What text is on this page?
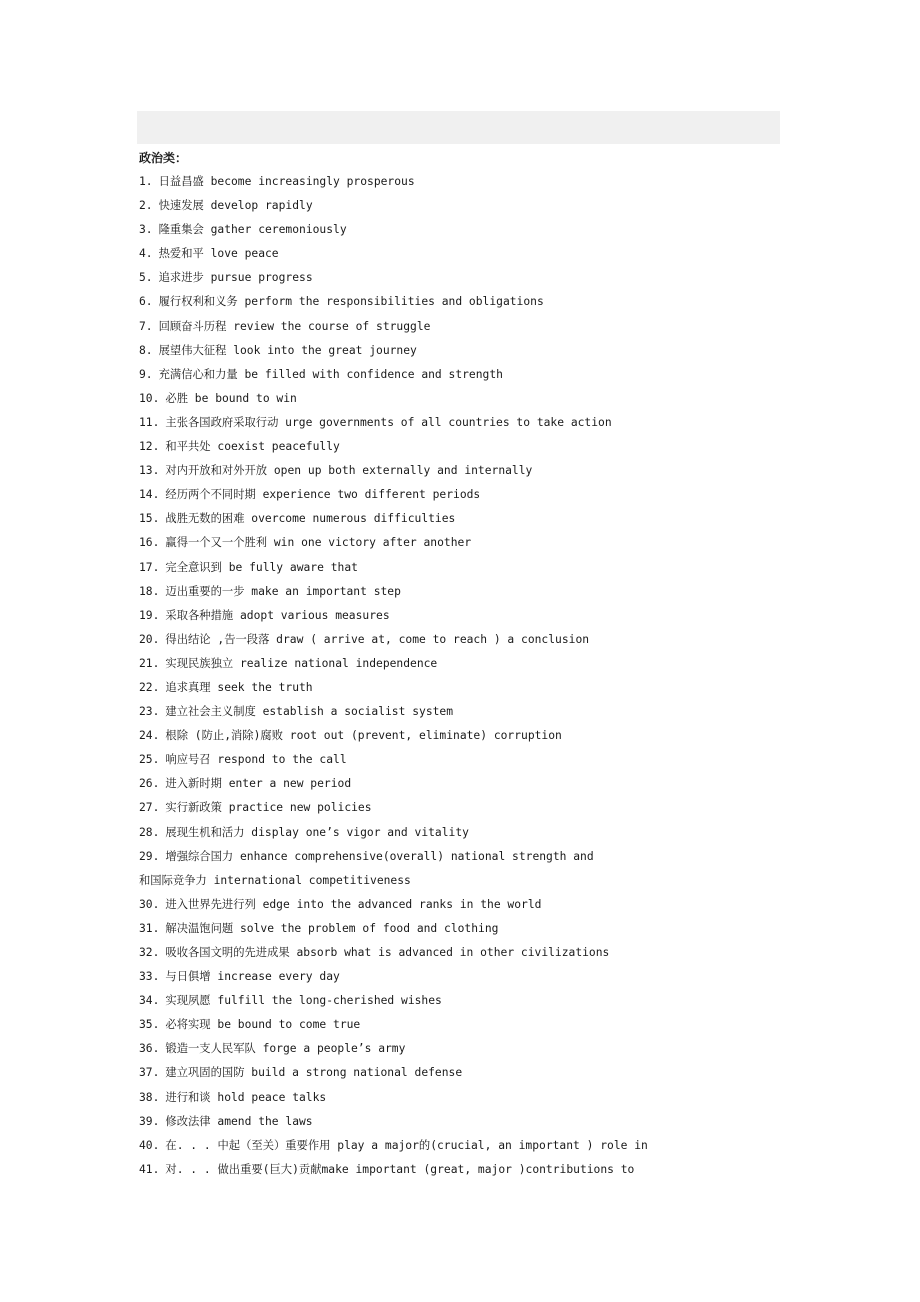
政治类：
1. 日益昌盛 become increasingly prosperous
2. 快速发展 develop rapidly
3. 隆重集会 gather ceremoniously
4. 热爱和平 love peace
5. 追求进步 pursue progress
6. 履行权利和义务 perform the responsibilities and obligations
7. 回顾奋斗历程 review the course of struggle
8. 展望伟大征程 look into the great journey
9. 充满信心和力量 be filled with confidence and strength
10. 必胜 be bound to win
11. 主张各国政府采取行动 urge governments of all countries to take action
12. 和平共处 coexist peacefully
13. 对内开放和对外开放 open up both externally and internally
14. 经历两个不同时期 experience two different periods
15. 战胜无数的困难 overcome numerous difficulties
16. 赢得一个又一个胜利 win one victory after another
17. 完全意识到 be fully aware that
18. 迈出重要的一步 make an important step
19. 采取各种措施 adopt various measures
20. 得出结论 ,告一段落 draw ( arrive at, come to reach ) a conclusion
21. 实现民族独立 realize national independence
22. 追求真理 seek the truth
23. 建立社会主义制度 establish a socialist system
24. 根除 (防止,消除)腐败 root out (prevent, eliminate) corruption
25. 响应号召 respond to the call
26. 进入新时期 enter a new period
27. 实行新政策 practice new policies
28. 展现生机和活力 display one’s vigor and vitality
29. 增强综合国力 enhance comprehensive(overall) national strength and
和国际竞争力 international competitiveness
30. 进入世界先进行列 edge into the advanced ranks in the world
31. 解决温饱问题 solve the problem of food and clothing
32. 吸收各国文明的先进成果 absorb what is advanced in other civilizations
33. 与日俱增 increase every day
34. 实现夙愿 fulfill the long-cherished wishes
35. 必将实现 be bound to come true
36. 锻造一支人民军队 forge a people’s army
37. 建立巩固的国防 build a strong national defense
38. 进行和谈 hold peace talks
39. 修改法律 amend the laws
40. 在. . . 中起（至关）重要作用 play a major的(crucial, an important ) role in
41. 对. . . 做出重要(巨大)贡献make important (great, major )contributions to
